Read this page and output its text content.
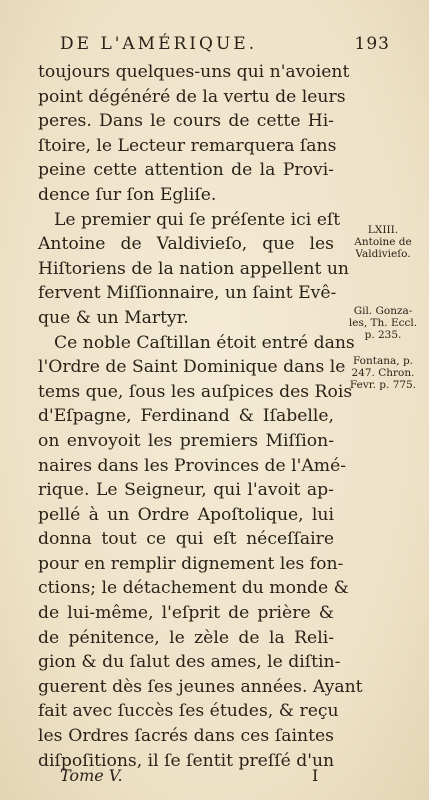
DE L'AMÉRIQUE.	193
toujours quelques-uns qui n'avoient
point dégénéré de la vertu de leurs
peres. Dans le cours de cette Hi-
ſtoire, le Lecteur remarquera ſans
peine cette attention de la Provi-
dence ſur ſon Egliſe.
Le premier qui ſe préſente ici eſt
Antoine de Valdivieſo, que les
Hiſtoriens de la nation appellent un
fervent Miſſionnaire, un ſaint Evê-
que & un Martyr.
Ce noble Caſtillan étoit entré dans
l'Ordre de Saint Dominique dans le
tems que, ſous les auſpices des Rois
d'Eſpagne, Ferdinand & Iſabelle,
on envoyoit les premiers Miſſion-
naires dans les Provinces de l'Amé-
rique. Le Seigneur, qui l'avoit ap-
pellé à un Ordre Apoſtolique, lui
donna tout ce qui eſt néceſſaire
pour en remplir dignement les fon-
ctions; le détachement du monde &
de lui-même, l'eſprit de prière &
de pénitence, le zèle de la Reli-
gion & du ſalut des ames, le diſtin-
guerent dès ſes jeunes années. Ayant
fait avec ſuccès ſes études, & reçu
les Ordres ſacrés dans ces ſaintes
diſpoſitions, il ſe ſentit preſſé d'un
LXIII.
Antoine de
Valdivieſo.
Gil. Gonza-
les, Th. Eccl.
p. 235.
Fontana, p.
247. Chron.
Fevr. p. 775.
Tome V.	I
